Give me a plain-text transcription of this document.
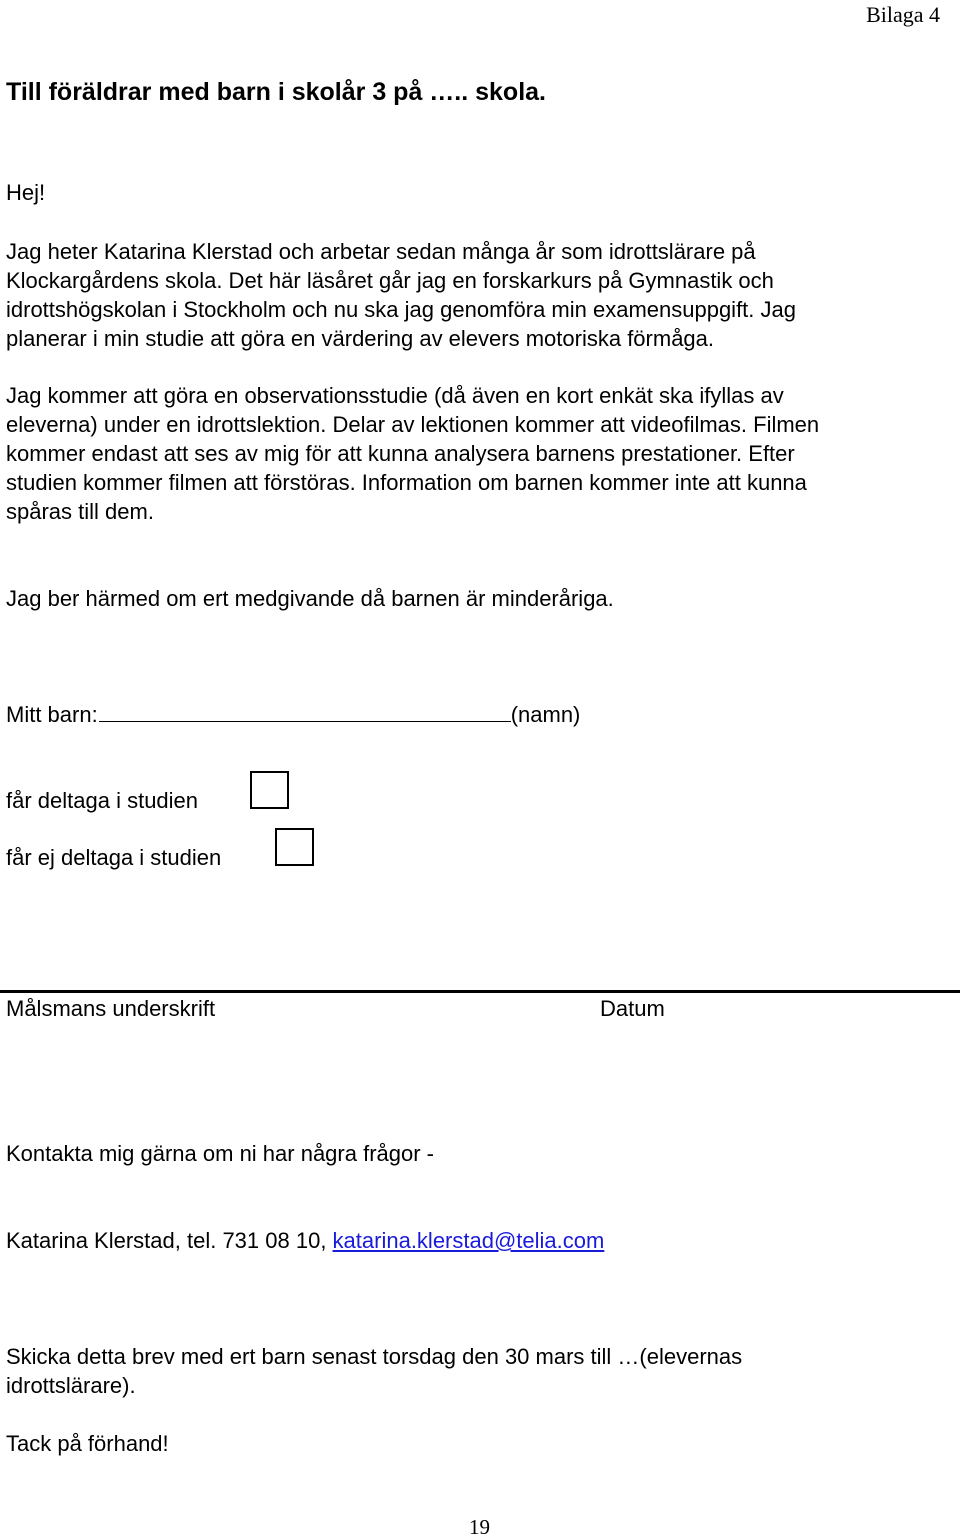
Bilaga 4
Till föräldrar med barn i skolår 3 på ….. skola.
Hej!
Jag heter Katarina Klerstad och arbetar sedan många år som idrottslärare på
Klockargårdens skola. Det här läsåret går jag en forskarkurs på Gymnastik och
idrottshögskolan i Stockholm och nu ska jag genomföra min examensuppgift. Jag
planerar i min studie att göra en värdering av elevers motoriska förmåga.
Jag kommer att göra en observationsstudie (då även en kort enkät ska ifyllas av
eleverna) under en idrottslektion. Delar av lektionen kommer att videofilmas. Filmen
kommer endast att ses av mig för att kunna analysera barnens prestationer. Efter
studien kommer filmen att förstöras. Information om barnen kommer inte att kunna
spåras till dem.
Jag ber härmed om ert medgivande då barnen är minderåriga.
Mitt barn:	(namn)
får deltaga i studien
får ej deltaga i studien
Målsmans underskrift	Datum
Kontakta mig gärna om ni har några frågor -
Katarina Klerstad, tel. 731 08 10, katarina.klerstad@telia.com
Skicka detta brev med ert barn senast torsdag den 30 mars till …(elevernas
idrottslärare).
Tack på förhand!
19
